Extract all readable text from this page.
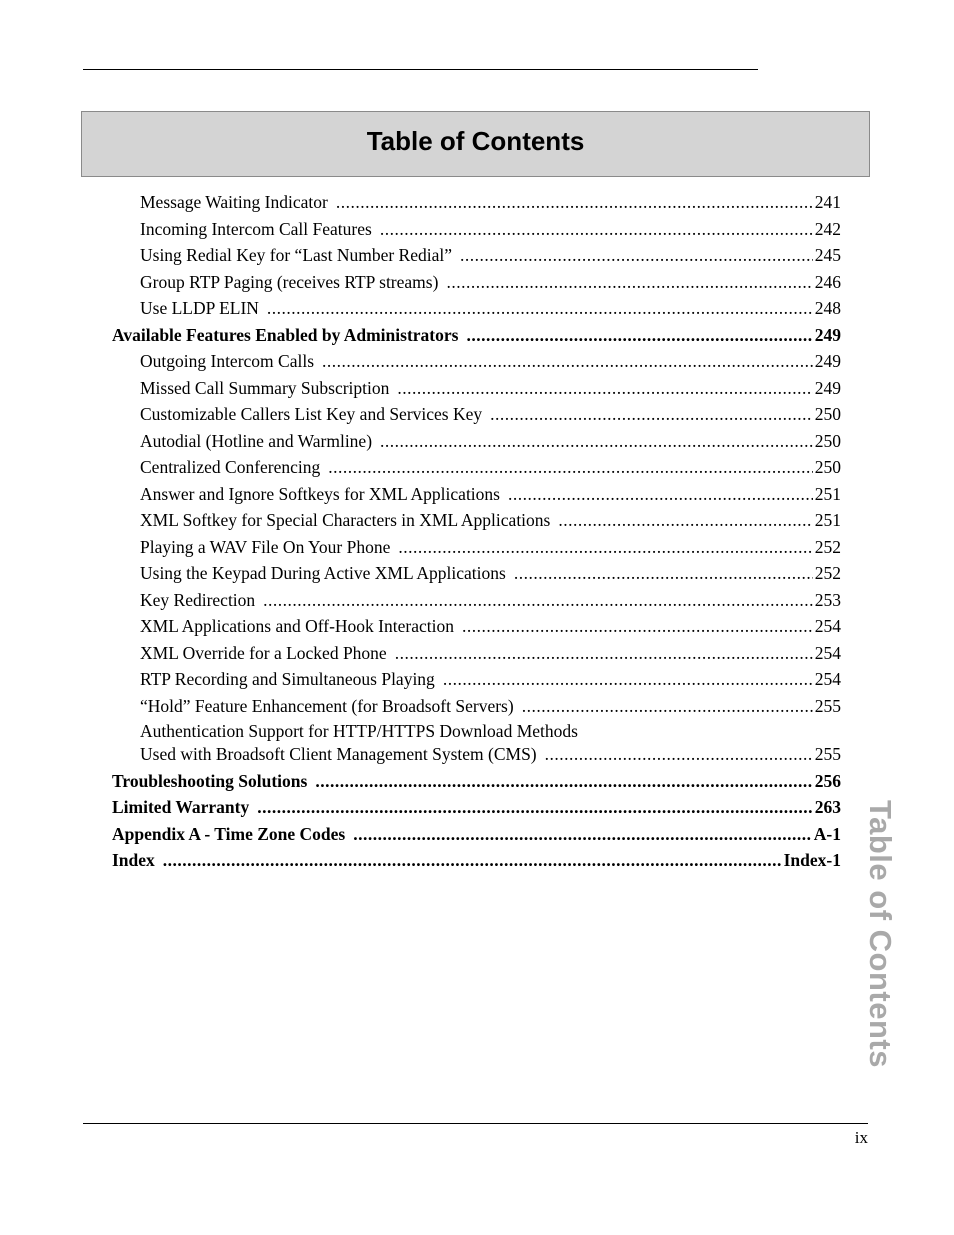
Table of Contents
Message Waiting Indicator .....	241
Incoming Intercom Call Features .....	242
Using Redial Key for “Last Number Redial” .....	245
Group RTP Paging (receives RTP streams) .....	246
Use LLDP ELIN .....	248
Available Features Enabled by Administrators .....	249
Outgoing Intercom Calls .....	249
Missed Call Summary Subscription .....	249
Customizable Callers List Key and Services Key .....	250
Autodial (Hotline and Warmline) .....	250
Centralized Conferencing .....	250
Answer and Ignore Softkeys for XML Applications .....	251
XML Softkey for Special Characters in XML Applications .....	251
Playing a WAV File On Your Phone .....	252
Using the Keypad During Active XML Applications .....	252
Key Redirection .....	253
XML Applications and Off-Hook Interaction .....	254
XML Override for a Locked Phone .....	254
RTP Recording and Simultaneous Playing .....	254
“Hold” Feature Enhancement (for Broadsoft Servers) .....	255
Authentication Support for HTTP/HTTPS Download Methods
Used with Broadsoft Client Management System (CMS) .....	255
Troubleshooting Solutions .....	256
Limited Warranty .....	263
Appendix A - Time Zone Codes .....	A-1
Index .....	Index-1 Table of Contents
ix
